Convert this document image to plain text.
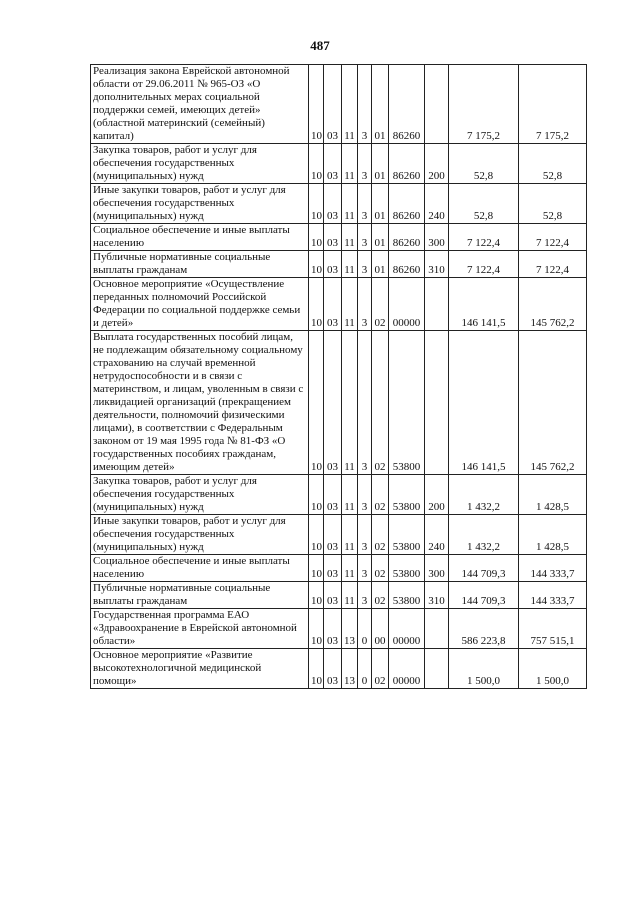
487
Реализация закона Еврейской автономной области от 29.06.2011 № 965-ОЗ «О дополнительных мерах социальной поддержки семей, имеющих детей» (областной материнский (семейный) капитал)	10	03	11	3	01	86260		7 175,2	7 175,2
Закупка товаров, работ и услуг для обеспечения государственных (муниципальных) нужд	10	03	11	3	01	86260	200	52,8	52,8
Иные закупки товаров, работ и услуг для обеспечения государственных (муниципальных) нужд	10	03	11	3	01	86260	240	52,8	52,8
Социальное обеспечение и иные выплаты населению	10	03	11	3	01	86260	300	7 122,4	7 122,4
Публичные нормативные социальные выплаты гражданам	10	03	11	3	01	86260	310	7 122,4	7 122,4
Основное мероприятие «Осуществление переданных полномочий Российской Федерации по социальной поддержке семьи и детей»	10	03	11	3	02	00000		146 141,5	145 762,2
Выплата государственных пособий лицам, не подлежащим обязательному социальному страхованию на случай временной нетрудоспособности и в связи с материнством, и лицам, уволенным в связи с ликвидацией организаций (прекращением деятельности, полномочий физическими лицами), в соответствии с Федеральным законом от 19 мая 1995 года № 81-ФЗ «О государственных пособиях гражданам, имеющим детей»	10	03	11	3	02	53800		146 141,5	145 762,2
Закупка товаров, работ и услуг для обеспечения государственных (муниципальных) нужд	10	03	11	3	02	53800	200	1 432,2	1 428,5
Иные закупки товаров, работ и услуг для обеспечения государственных (муниципальных) нужд	10	03	11	3	02	53800	240	1 432,2	1 428,5
Социальное обеспечение и иные выплаты населению	10	03	11	3	02	53800	300	144 709,3	144 333,7
Публичные нормативные социальные выплаты гражданам	10	03	11	3	02	53800	310	144 709,3	144 333,7
Государственная программа ЕАО «Здравоохранение в Еврейской автономной области»	10	03	13	0	00	00000		586 223,8	757 515,1
Основное мероприятие «Развитие высокотехнологичной медицинской помощи»	10	03	13	0	02	00000		1 500,0	1 500,0
